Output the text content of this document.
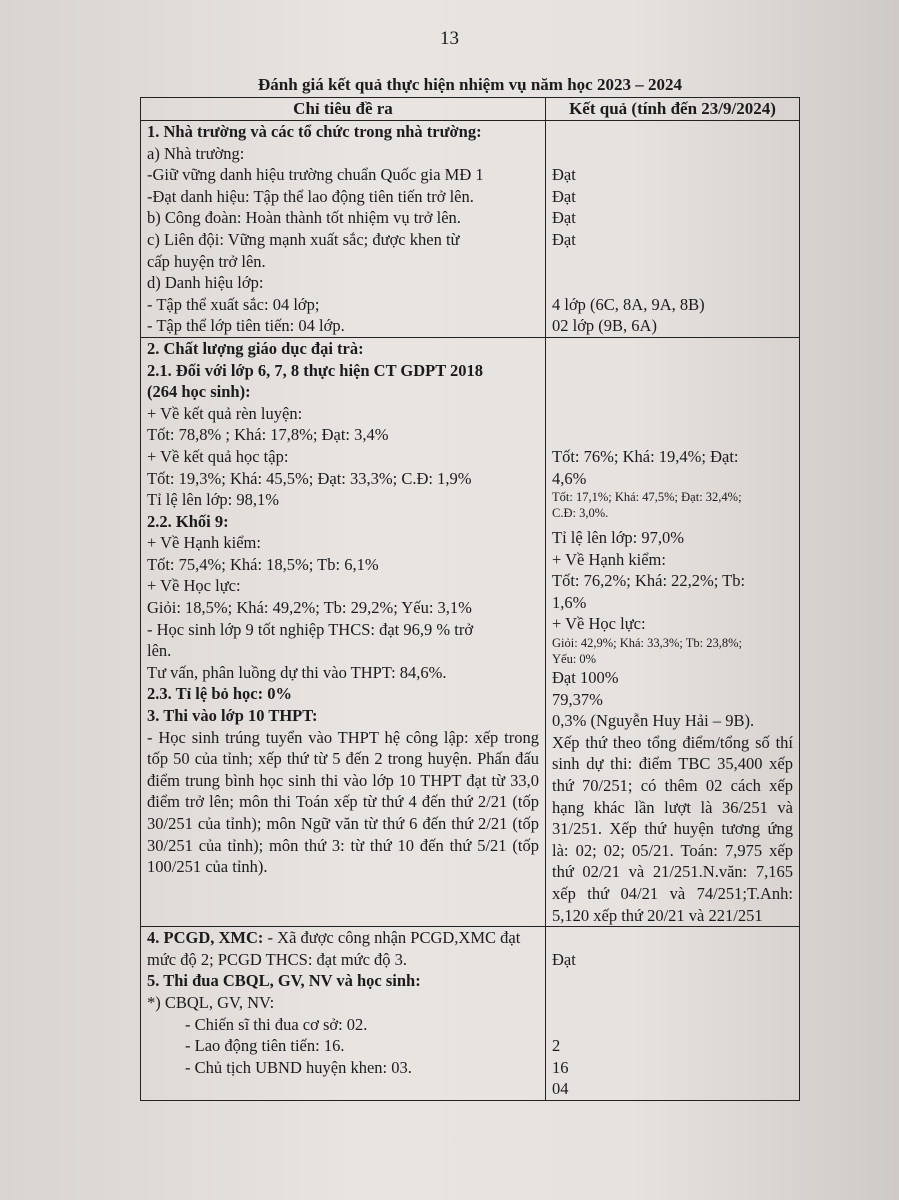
13
Đánh giá kết quả thực hiện nhiệm vụ năm học 2023 – 2024
Chỉ tiêu đề ra	Kết quả (tính đến 23/9/2024)
1. Nhà trường và các tổ chức trong nhà trường:
a) Nhà trường:
-Giữ vững danh hiệu trường chuẩn Quốc gia MĐ 1
-Đạt danh hiệu: Tập thể lao động tiên tiến trở lên.
b) Công đoàn: Hoàn thành tốt nhiệm vụ trở lên.
c) Liên đội: Vững mạnh xuất sắc; được khen từ
cấp huyện trở lên.
d) Danh hiệu lớp:
- Tập thể xuất sắc: 04 lớp;
- Tập thể lớp tiên tiến: 04 lớp.
Đạt
Đạt
Đạt
Đạt
4 lớp (6C, 8A, 9A, 8B)
02 lớp (9B, 6A)
2. Chất lượng giáo dục đại trà:
2.1. Đối với lớp 6, 7, 8 thực hiện CT GDPT 2018
(264 học sinh):
+ Về kết quả rèn luyện:
Tốt: 78,8% ; Khá: 17,8%; Đạt: 3,4%
+ Về kết quả học tập:
Tốt: 19,3%; Khá: 45,5%; Đạt: 33,3%; C.Đ: 1,9%
Tỉ lệ lên lớp: 98,1%
2.2. Khối 9:
+ Về Hạnh kiểm:
Tốt: 75,4%; Khá: 18,5%; Tb: 6,1%
+ Về Học lực:
Giỏi: 18,5%; Khá: 49,2%; Tb: 29,2%; Yếu: 3,1%
- Học sinh lớp 9 tốt nghiệp THCS: đạt 96,9 % trở
lên.
Tư vấn, phân luồng dự thi vào THPT: 84,6%.
2.3. Tỉ lệ bỏ học: 0%
3. Thi vào lớp 10 THPT:
- Học sinh trúng tuyển vào THPT hệ công lập: xếp trong tốp 50 của tỉnh; xếp thứ từ 5 đến 2 trong huyện. Phấn đấu điểm trung bình học sinh thi vào lớp 10 THPT đạt từ 33,0 điểm trở lên; môn thi Toán xếp từ thứ 4 đến thứ 2/21 (tốp 30/251 của tỉnh); môn Ngữ văn từ thứ 6 đến thứ 2/21 (tốp 30/251 của tỉnh); môn thứ 3: từ thứ 10 đến thứ 5/21 (tốp 100/251 của tỉnh).
Tốt: 76%; Khá: 19,4%; Đạt:
4,6%
Tốt: 17,1%; Khá: 47,5%; Đạt: 32,4%;
C.Đ: 3,0%.
Tỉ lệ lên lớp: 97,0%
+ Về Hạnh kiểm:
Tốt: 76,2%; Khá: 22,2%; Tb:
1,6%
+ Về Học lực:
Giỏi: 42,9%; Khá: 33,3%; Tb: 23,8%;
Yếu: 0%
Đạt 100%
79,37%
0,3% (Nguyễn Huy Hải – 9B).
Xếp thứ theo tổng điểm/tổng số thí sinh dự thi: điểm TBC 35,400 xếp thứ 70/251; có thêm 02 cách xếp hạng khác lần lượt là 36/251 và 31/251. Xếp thứ huyện tương ứng là: 02; 02; 05/21. Toán: 7,975 xếp thứ 02/21 và 21/251.N.văn: 7,165 xếp thứ 04/21 và 74/251;T.Anh: 5,120 xếp thứ 20/21 và 221/251
4. PCGD, XMC: - Xã được công nhận PCGD,XMC đạt mức độ 2; PCGD THCS: đạt mức độ 3.
5. Thi đua CBQL, GV, NV và học sinh:
*) CBQL, GV, NV:
- Chiến sĩ thi đua cơ sở: 02.
- Lao động tiên tiến: 16.
- Chủ tịch UBND huyện khen: 03.
Đạt
2
16
04
